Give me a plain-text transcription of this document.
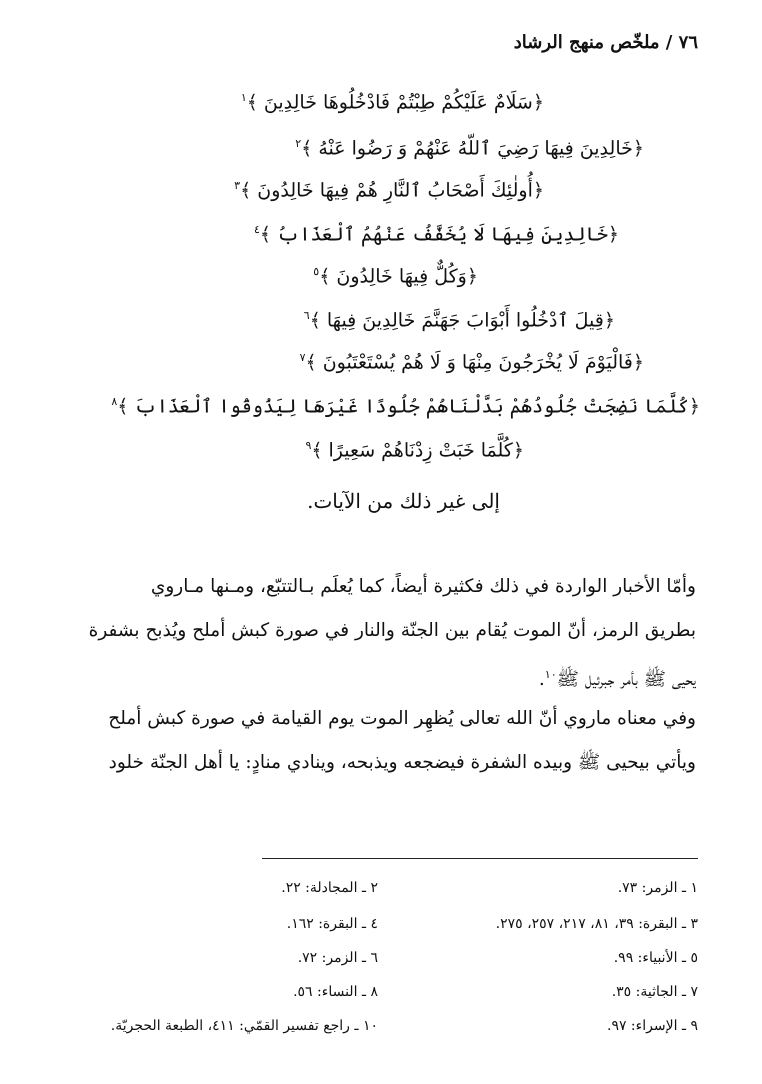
٧٦ / ملخّص منهج الرشاد
﴿سَلَامٌ عَلَيْكُمْ طِبْتُمْ فَادْخُلُوهَا خَالِدِينَ ﴾$^١$
﴿خَالِدِينَ فِيهَا رَضِيَ ٱللّهُ عَنْهُمْ وَ رَضُوا عَنْهُ ﴾$^٢$
﴿أُولٰئِكَ أَصْحَابُ ٱلنَّارِ هُمْ فِيهَا خَالِدُونَ ﴾$^٣$
﴿خَالِدِينَ فِيهَا لَا يُخَفَّفُ عَنْهُمُ ٱلْعَذَابُ ﴾$^٤$
﴿وَكُلٌّ فِيهَا خَالِدُونَ ﴾$^٥$
﴿قِيلَ ٱدْخُلُوا أَبْوَابَ جَهَنَّمَ خَالِدِينَ فِيهَا ﴾$^٦$
﴿فَالْيَوْمَ لَا يُخْرَجُونَ مِنْهَا وَ لَا هُمْ يُسْتَعْتَبُونَ ﴾$^٧$
﴿كُلَّمَا نَضِجَتْ جُلُودُهُمْ بَدَّلْنَاهُمْ جُلُودًا غَيْرَهَا لِيَذُوقُوا ٱلْعَذَابَ ﴾$^٨$
﴿كُلَّمَا خَبَتْ زِدْنَاهُمْ سَعِيرًا ﴾$^٩$
إلى غير ذلك من الآيات.
وأمّا الأخبار الواردة في ذلك فكثيرة أيضاً، كما يُعلَم بـالتتبّع، ومـنها مـاروي
بطريق الرمز، أنّ الموت يُقام بين الجنّة والنار في صورة كبش أملح ويُذبح بشفرة
يحيى ﷺ بأمر جبرئيل ﷺ$^{١٠}$.
وفي معناه ماروي أنّ الله تعالى يُظهِر الموت يوم القيامة في صورة كبش أملح
ويأتي بيحيى ﷺ وبيده الشفرة فيضجعه ويذبحه، وينادي منادٍ: يا أهل الجنّة خلود
١ ـ الزمر: ٧٣.
٢ ـ المجادلة: ٢٢.
٣ ـ البقرة: ٣٩، ٨١، ٢١٧، ٢٥٧، ٢٧٥.
٤ ـ البقرة: ١٦٢.
٥ ـ الأنبياء: ٩٩.
٦ ـ الزمر: ٧٢.
٧ ـ الجاثية: ٣٥.
٨ ـ النساء: ٥٦.
٩ ـ الإسراء: ٩٧.
١٠ ـ راجع تفسير القمّي: ٤١١، الطبعة الحجريّة.
